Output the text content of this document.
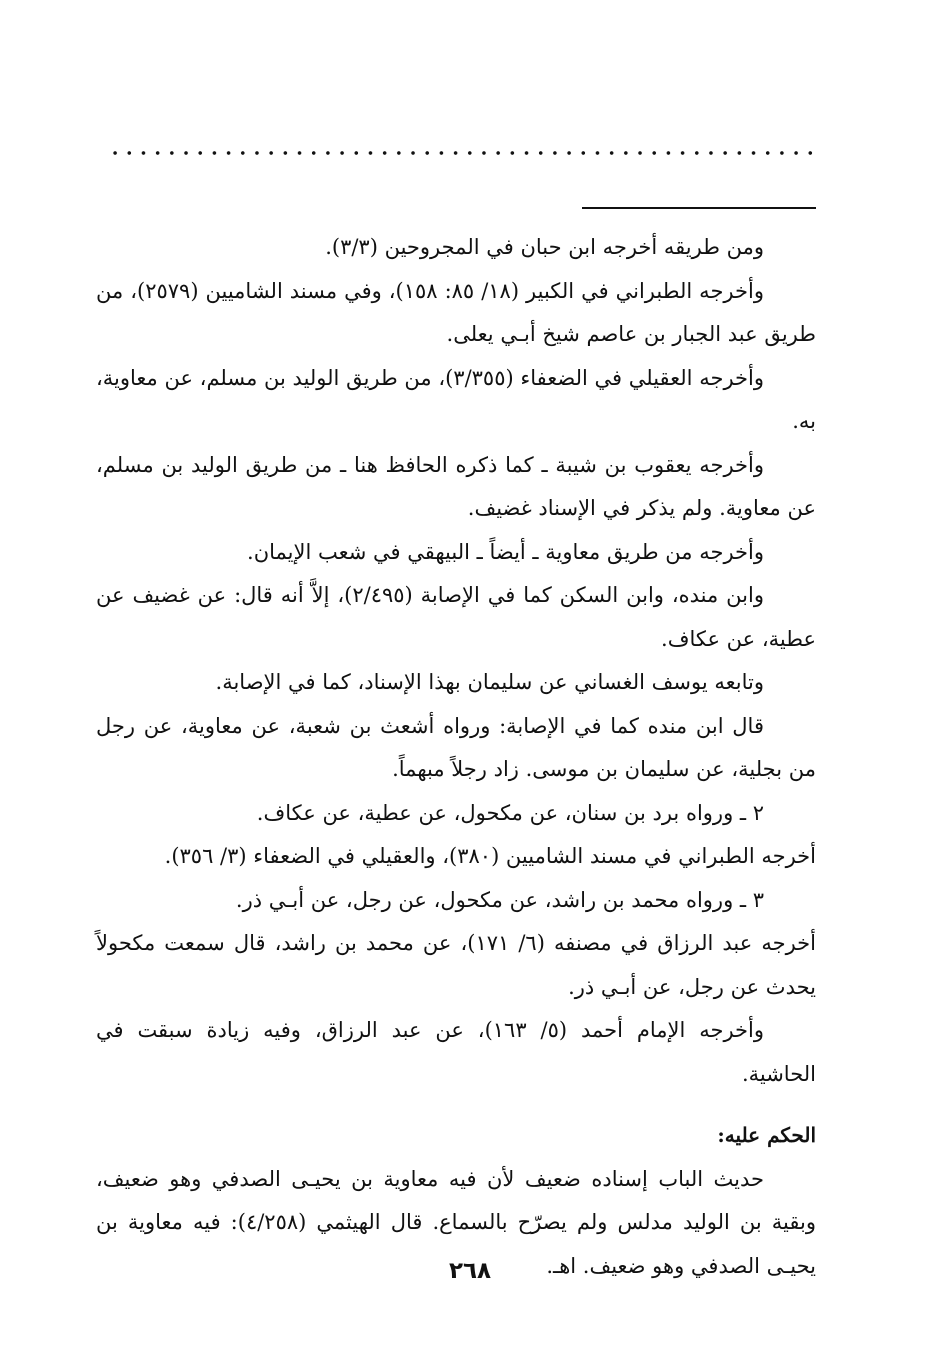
ومن طريقه أخرجه ابن حبان في المجروحين (٣/٣).

وأخرجه الطبراني في الكبير (١٨/ ٨٥: ١٥٨)، وفي مسند الشاميين (٢٥٧٩)، من طريق عبد الجبار بن عاصم شيخ أبـي يعلى.

وأخرجه العقيلي في الضعفاء (٣/٣٥٥)، من طريق الوليد بن مسلم، عن معاوية، به.

وأخرجه يعقوب بن شيبة ـ كما ذكره الحافظ هنا ـ من طريق الوليد بن مسلم، عن معاوية. ولم يذكر في الإسناد غضيف.

وأخرجه من طريق معاوية ـ أيضاً ـ البيهقي في شعب الإيمان.

وابن منده، وابن السكن كما في الإصابة (٢/٤٩٥)، إلاَّ أنه قال: عن غضيف عن عطية، عن عكاف.

وتابعه يوسف الغساني عن سليمان بهذا الإسناد، كما في الإصابة.

قال ابن منده كما في الإصابة: ورواه أشعث بن شعبة، عن معاوية، عن رجل من بجلية، عن سليمان بن موسى. زاد رجلاً مبهماً.

٢ ـ ورواه برد بن سنان، عن مكحول، عن عطية، عن عكاف.

أخرجه الطبراني في مسند الشاميين (٣٨٠)، والعقيلي في الضعفاء (٣/ ٣٥٦).

٣ ـ ورواه محمد بن راشد، عن مكحول، عن رجل، عن أبـي ذر.

أخرجه عبد الرزاق في مصنفه (٦/ ١٧١)، عن محمد بن راشد، قال سمعت مكحولاً يحدث عن رجل، عن أبـي ذر.

وأخرجه الإمام أحمد (٥/ ١٦٣)، عن عبد الرزاق، وفيه زيادة سبقت في الحاشية.

الحكم عليه:

حديث الباب إسناده ضعيف لأن فيه معاوية بن يحيـى الصدفي وهو ضعيف، وبقية بن الوليد مدلس ولم يصرّح بالسماع. قال الهيثمي (٤/٢٥٨): فيه معاوية بن يحيـى الصدفي وهو ضعيف. اهـ.

٢٦٨
